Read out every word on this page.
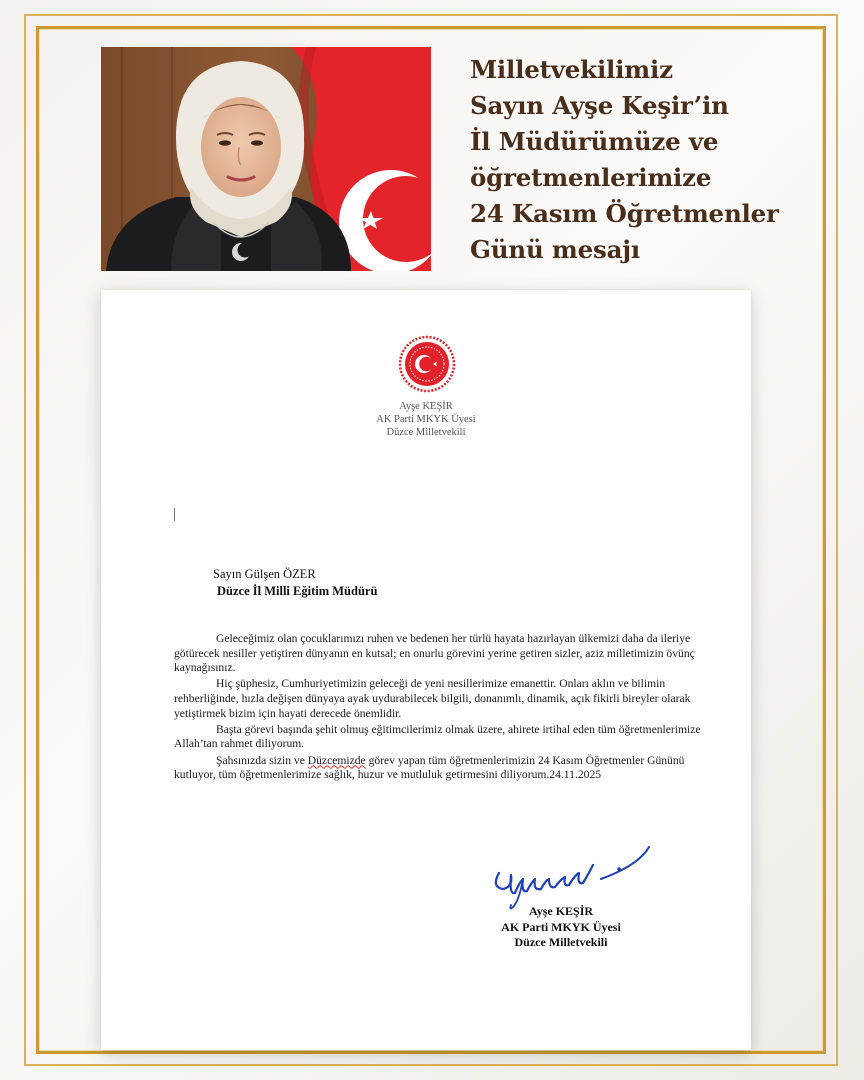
Milletvekilimiz
Sayın Ayşe Keşir’in
İl Müdürümüze ve
öğretmenlerimize
24 Kasım Öğretmenler
Günü mesajı
Ayşe KEŞİR
AK Parti MKYK Üyesi
Düzce Milletvekili
Sayın Gülşen ÖZER
Düzce İl Milli Eğitim Müdürü

Geleceğimiz olan çocuklarımızı ruhen ve bedenen her türlü hayata hazırlayan ülkemizi daha da ileriye götürecek nesiller yetiştiren dünyanın en kutsal; en onurlu görevini yerine getiren sizler, aziz milletimizin övünç kaynağısınız.

Hiç şüphesiz, Cumhuriyetimizin geleceği de yeni nesillerimize emanettir. Onları aklın ve bilimin rehberliğinde, hızla değişen dünyaya ayak uydurabilecek bilgili, donanımlı, dinamik, açık fikirli bireyler olarak yetiştirmek bizim için hayati derecede önemlidir.

Başta görevi başında şehit olmuş eğitimcilerimiz olmak üzere, ahirete irtihal eden tüm öğretmenlerimize Allah’tan rahmet diliyorum.

Şahsınızda sizin ve Düzcemizde görev yapan tüm öğretmenlerimizin 24 Kasım Öğretmenler Gününü kutluyor, tüm öğretmenlerimize sağlık, huzur ve mutluluk getirmesini diliyorum.24.11.2025

Ayşe KEŞİR
AK Parti MKYK Üyesi
Düzce Milletvekili
